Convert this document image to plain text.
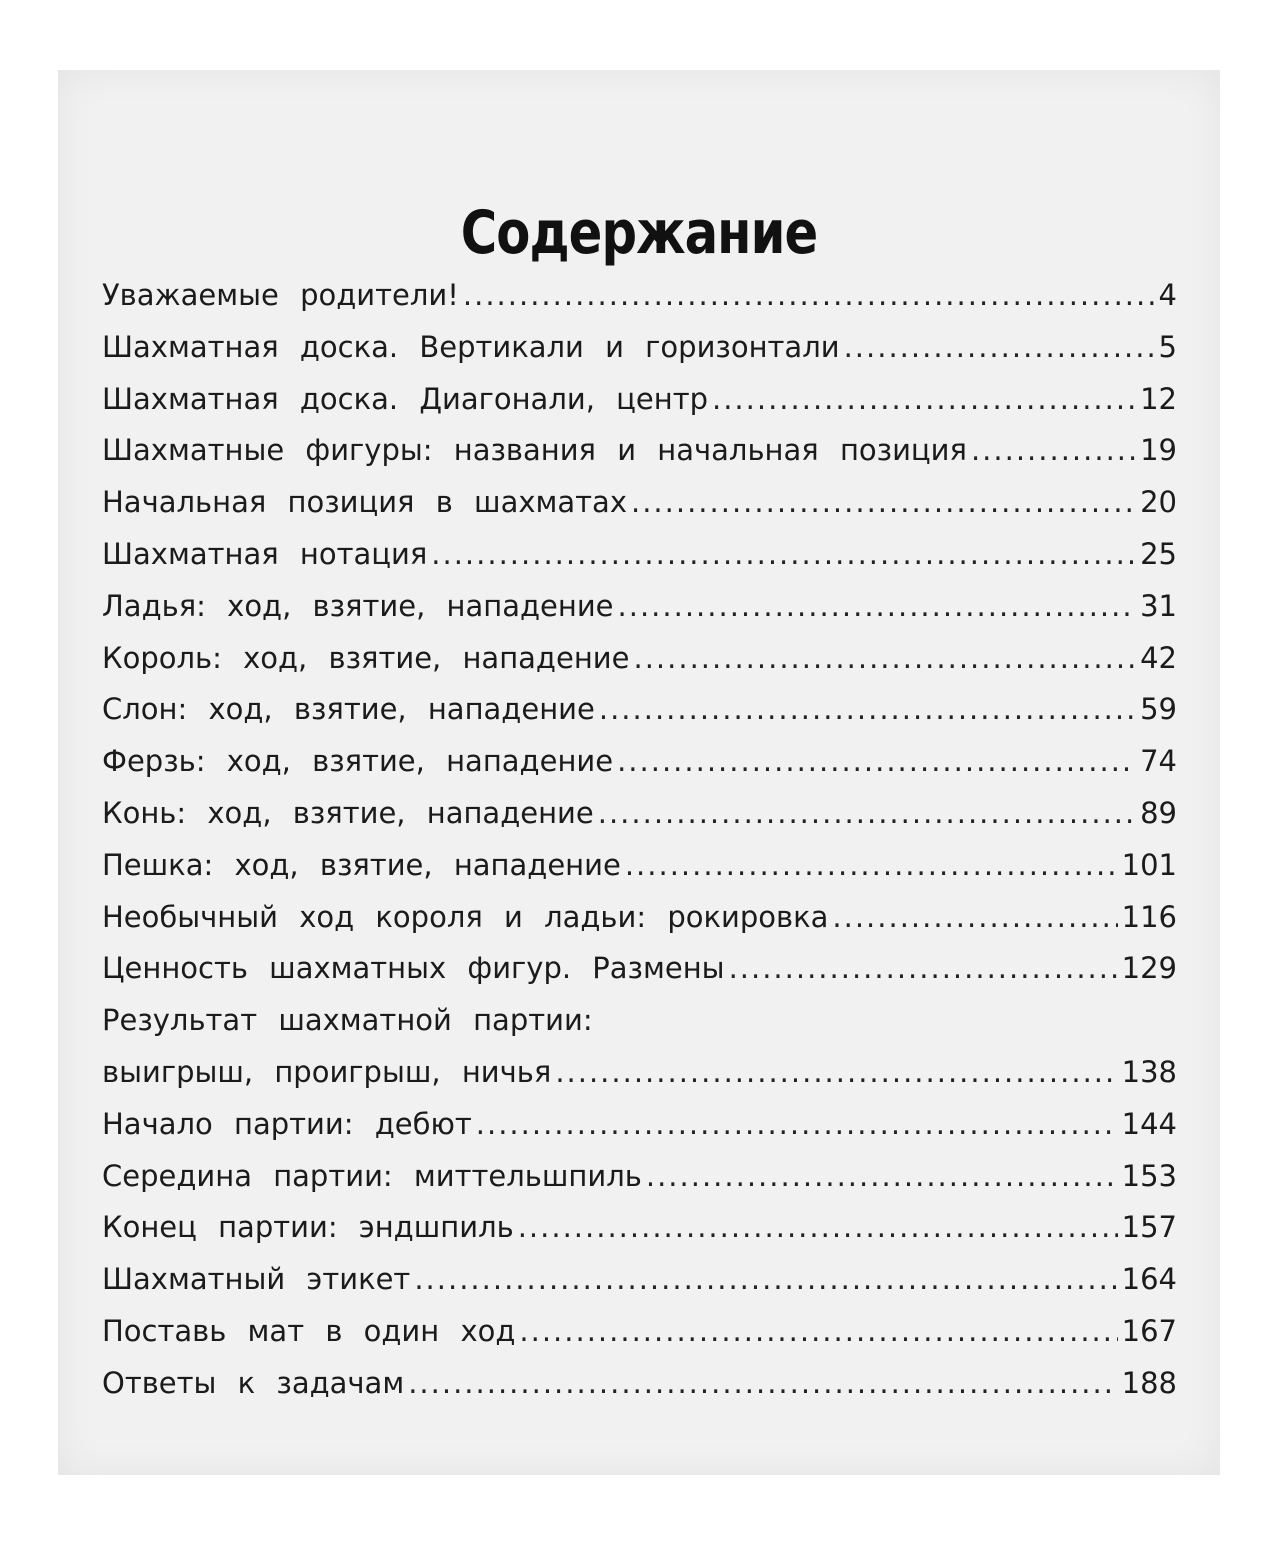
Содержание
Уважаемые родители! .....	4
Шахматная доска. Вертикали и горизонтали .....	5
Шахматная доска. Диагонали, центр .....	12
Шахматные фигуры: названия и начальная позиция .....	19
Начальная позиция в шахматах .....	20
Шахматная нотация .....	25
Ладья: ход, взятие, нападение .....	31
Король: ход, взятие, нападение .....	42
Слон: ход, взятие, нападение .....	59
Ферзь: ход, взятие, нападение .....	74
Конь: ход, взятие, нападение .....	89
Пешка: ход, взятие, нападение .....	101
Необычный ход короля и ладьи: рокировка .....	116
Ценность шахматных фигур. Размены .....	129
Результат шахматной партии:
выигрыш, проигрыш, ничья .....	138
Начало партии: дебют .....	144
Середина партии: миттельшпиль .....	153
Конец партии: эндшпиль .....	157
Шахматный этикет .....	164
Поставь мат в один ход .....	167
Ответы к задачам .....	188
